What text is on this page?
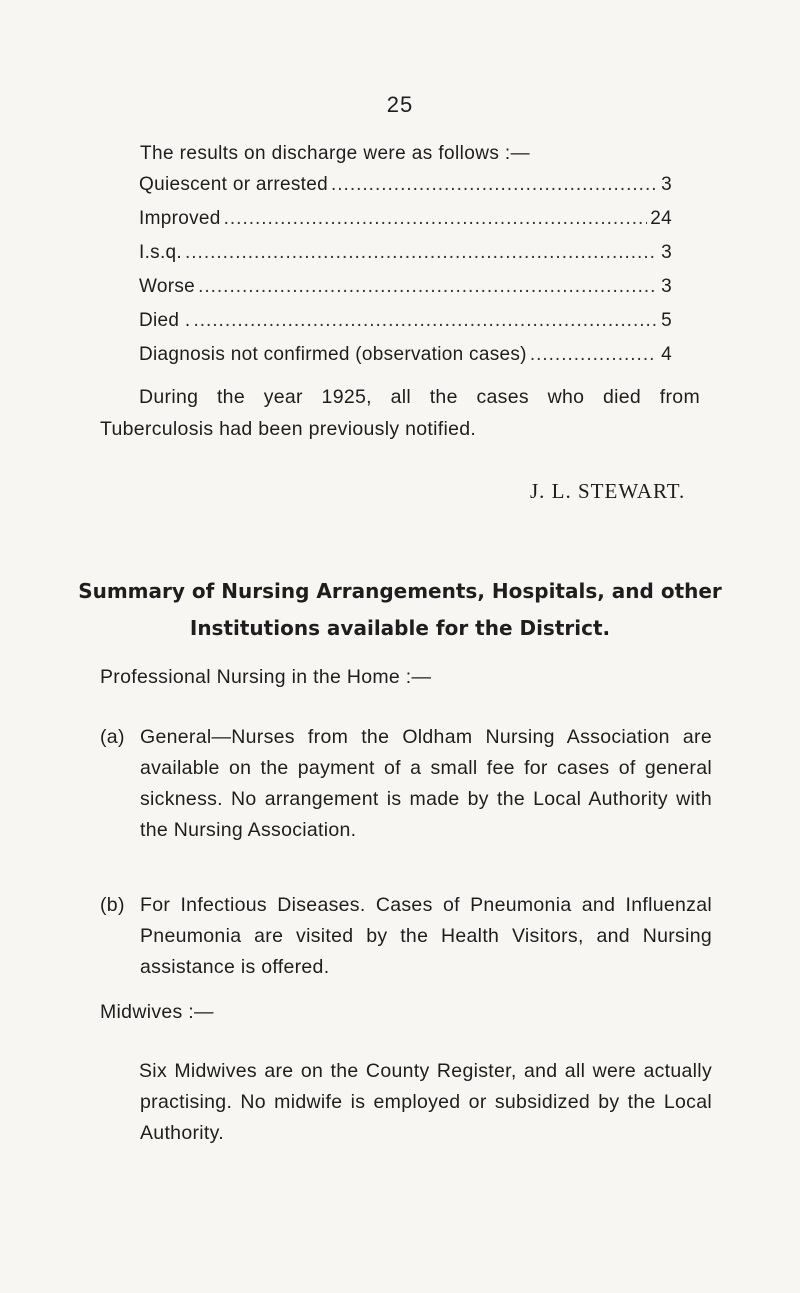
25
The results on discharge were as follows :—
Quiescent or arrested .....	3
Improved .....	24
I.s.q. .....	3
Worse .....	3
Died . .....	5
Diagnosis not confirmed (observation cases) .....	4

During the year 1925, all the cases who died from Tuberculosis had been previously notified.

J. L. STEWART.
Summary of Nursing Arrangements, Hospitals, and other Institutions available for the District.
Professional Nursing in the Home :—

(a) General—Nurses from the Oldham Nursing Association are available on the payment of a small fee for cases of general sickness. No arrangement is made by the Local Authority with the Nursing Association.

(b) For Infectious Diseases. Cases of Pneumonia and Influenzal Pneumonia are visited by the Health Visitors, and Nursing assistance is offered.

Midwives :—

Six Midwives are on the County Register, and all were actually practising. No midwife is employed or subsidized by the Local Authority.
